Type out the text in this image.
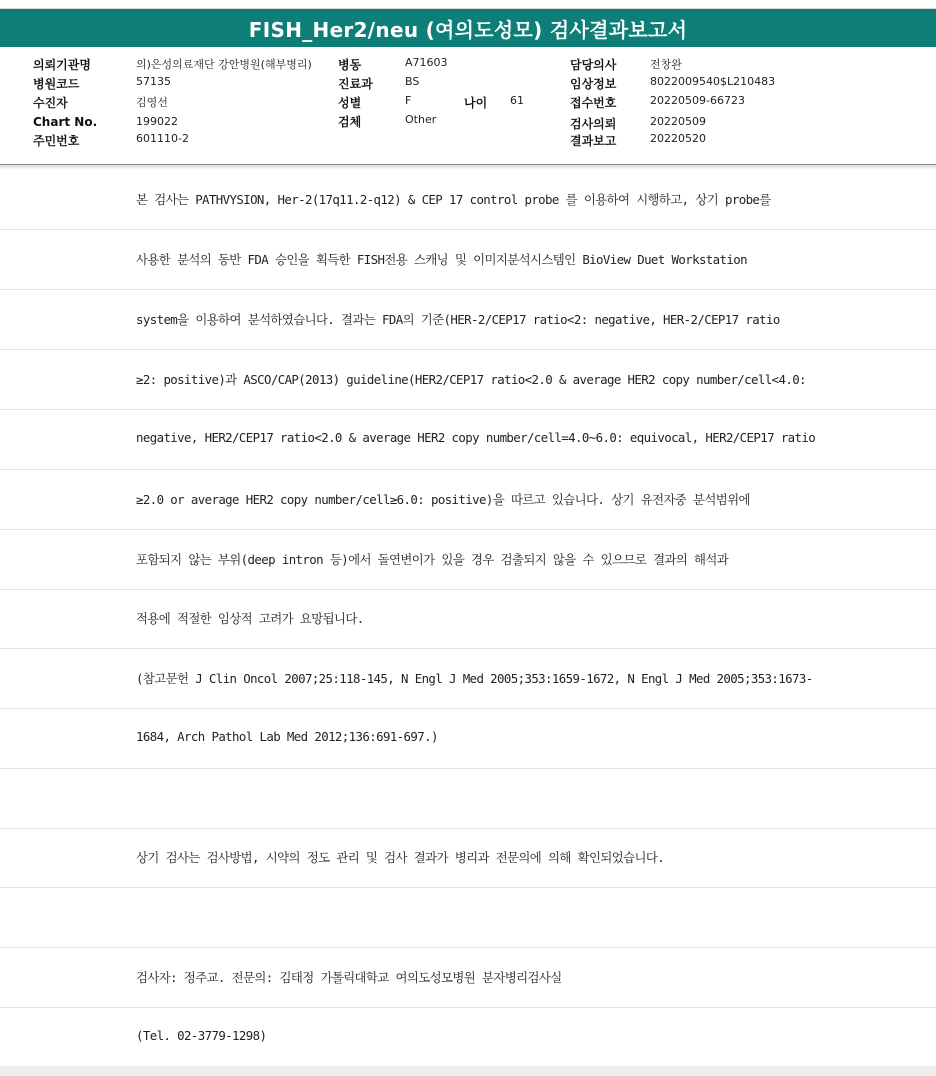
FISH_Her2/neu (여의도성모) 검사결과보고서
의뢰기관명	의)은성의료재단 강안병원(해부병리)
병원코드	57135
수진자	김영선
Chart No.	199022
주민번호	601110-2
병동	A71603
진료과	BS
성별	F	나이 61
검체	Other
담당의사	전창완
임상정보	8022009540$L210483
접수번호	20220509-66723
검사의뢰	20220509
결과보고	20220520
본 검사는 PATHVYSION, Her-2(17q11.2-q12) & CEP 17 control probe 를 이용하여 시행하고, 상기 probe를
사용한 분석의 동반 FDA 승인을 획득한 FISH전용 스캐닝 및 이미지분석시스템인 BioView Duet Workstation
system을 이용하여 분석하였습니다. 결과는 FDA의 기준(HER-2/CEP17 ratio<2: negative, HER-2/CEP17 ratio
≥2: positive)과 ASCO/CAP(2013) guideline(HER2/CEP17 ratio<2.0 & average HER2 copy number/cell<4.0:
negative, HER2/CEP17 ratio<2.0 & average HER2 copy number/cell=4.0~6.0: equivocal, HER2/CEP17 ratio
≥2.0 or average HER2 copy number/cell≥6.0: positive)을 따르고 있습니다. 상기 유전자중 분석범위에
포함되지 않는 부위(deep intron 등)에서 돌연변이가 있을 경우 검출되지 않을 수 있으므로 결과의 해석과
적용에 적절한 임상적 고려가 요망됩니다.
(참고문헌 J Clin Oncol 2007;25:118-145, N Engl J Med 2005;353:1659-1672, N Engl J Med 2005;353:1673-
1684, Arch Pathol Lab Med 2012;136:691-697.)
상기 검사는 검사방법, 시약의 정도 관리 및 검사 결과가 병리과 전문의에 의해 확인되었습니다.
검사자: 정주교. 전문의: 김태정 가톨릭대학교 여의도성모병원 분자병리검사실
(Tel. 02-3779-1298)
